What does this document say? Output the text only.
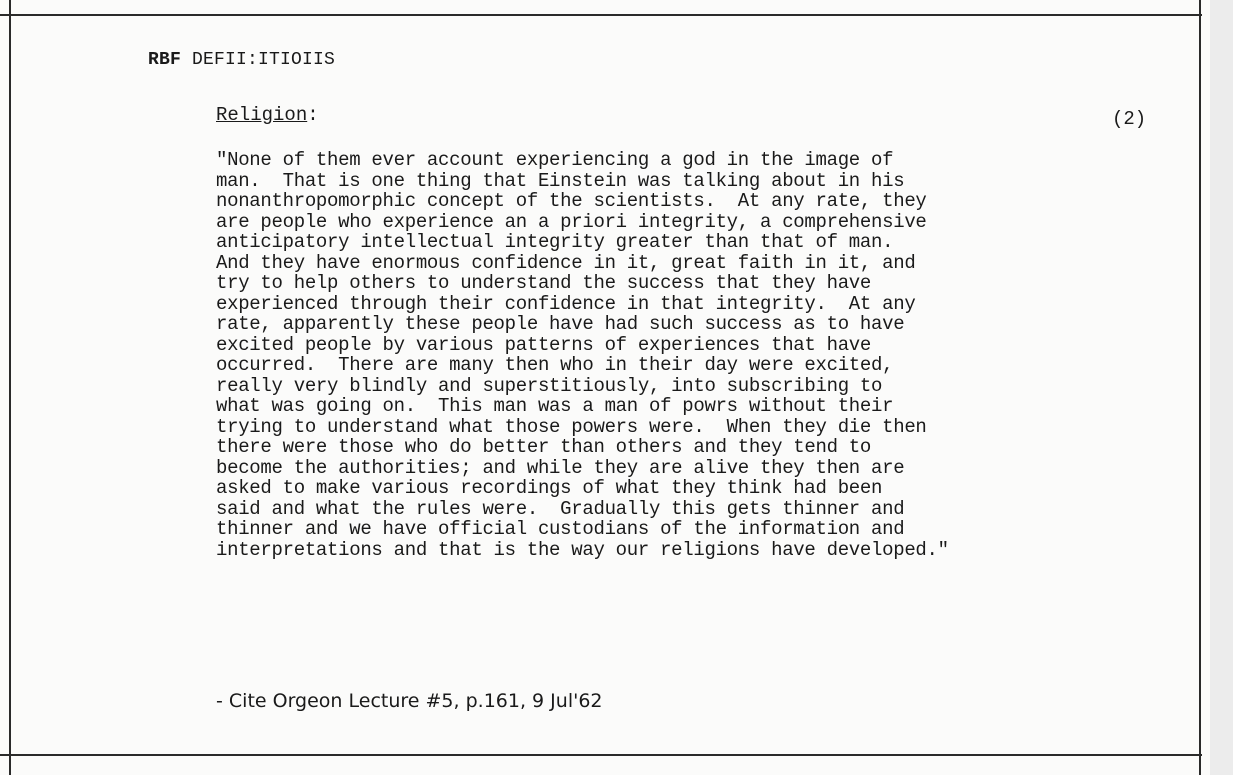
RBF DEFII:ITIOIIS
Religion:	(2)
"None of them ever account experiencing a god in the image of
man.  That is one thing that Einstein was talking about in his
nonanthropomorphic concept of the scientists.  At any rate, they
are people who experience an a priori integrity, a comprehensive
anticipatory intellectual integrity greater than that of man.
And they have enormous confidence in it, great faith in it, and
try to help others to understand the success that they have
experienced through their confidence in that integrity.  At any
rate, apparently these people have had such success as to have
excited people by various patterns of experiences that have
occurred.  There are many then who in their day were excited,
really very blindly and superstitiously, into subscribing to
what was going on.  This man was a man of powrs without their
trying to understand what those powers were.  When they die then
there were those who do better than others and they tend to
become the authorities; and while they are alive they then are
asked to make various recordings of what they think had been
said and what the rules were.  Gradually this gets thinner and
thinner and we have official custodians of the information and
interpretations and that is the way our religions have developed."
- Cite Orgeon Lecture #5, p.161, 9 Jul'62
